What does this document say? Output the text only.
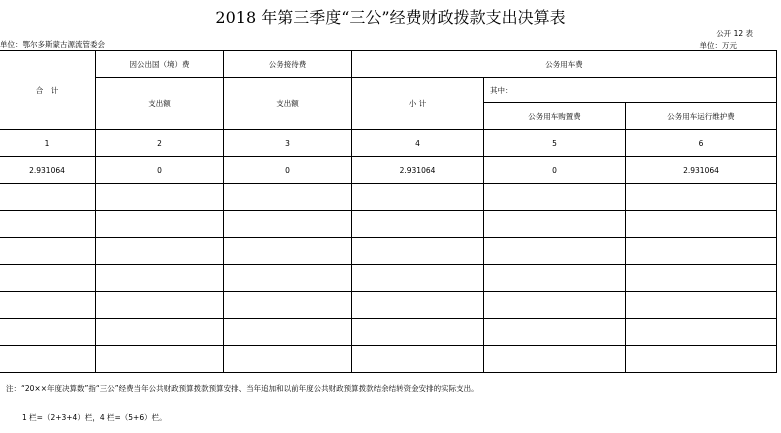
2018 年第三季度“三公”经费财政拨款支出决算表
公开 12 表
单位：鄂尔多斯蒙古源流管委会	单位：万元
合　计	因公出国（境）费	公务接待费	公务用车费		
	支出额	支出额	小 计	其中：	
				公务用车购置费	公务用车运行维护费
1	2	3	4	5	6
2.931064	0	0	2.931064	0	2.931064

注：“20××年度决算数”指“三公”经费当年公共财政预算拨款预算安排、当年追加和以前年度公共财政预算拨款结余结转资金安排的实际支出。
1 栏=（2+3+4）栏，4 栏=（5+6）栏。
